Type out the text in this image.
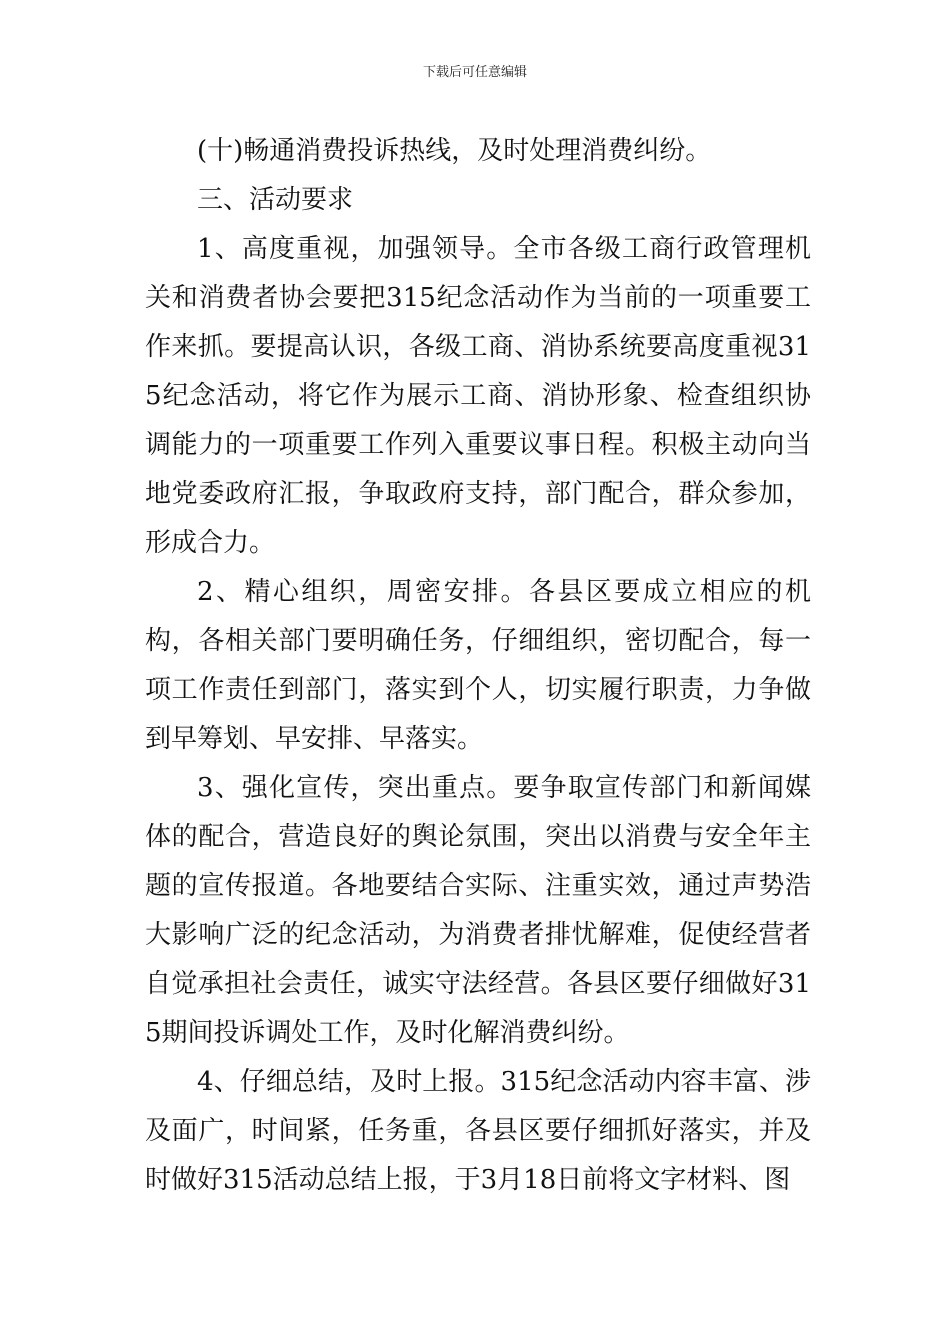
下载后可任意编辑

(十)畅通消费投诉热线，及时处理消费纠纷。

三、活动要求

1、高度重视，加强领导。全市各级工商行政管理机关和消费者协会要把315纪念活动作为当前的一项重要工作来抓。要提高认识，各级工商、消协系统要高度重视315纪念活动，将它作为展示工商、消协形象、检查组织协调能力的一项重要工作列入重要议事日程。积极主动向当地党委政府汇报，争取政府支持，部门配合，群众参加，形成合力。

2、精心组织，周密安排。各县区要成立相应的机构，各相关部门要明确任务，仔细组织，密切配合，每一项工作责任到部门，落实到个人，切实履行职责，力争做到早筹划、早安排、早落实。

3、强化宣传，突出重点。要争取宣传部门和新闻媒体的配合，营造良好的舆论氛围，突出以消费与安全年主题的宣传报道。各地要结合实际、注重实效，通过声势浩大影响广泛的纪念活动，为消费者排忧解难，促使经营者自觉承担社会责任，诚实守法经营。各县区要仔细做好315期间投诉调处工作，及时化解消费纠纷。

4、仔细总结，及时上报。315纪念活动内容丰富、涉及面广，时间紧，任务重，各县区要仔细抓好落实，并及时做好315活动总结上报，于3月18日前将文字材料、图
